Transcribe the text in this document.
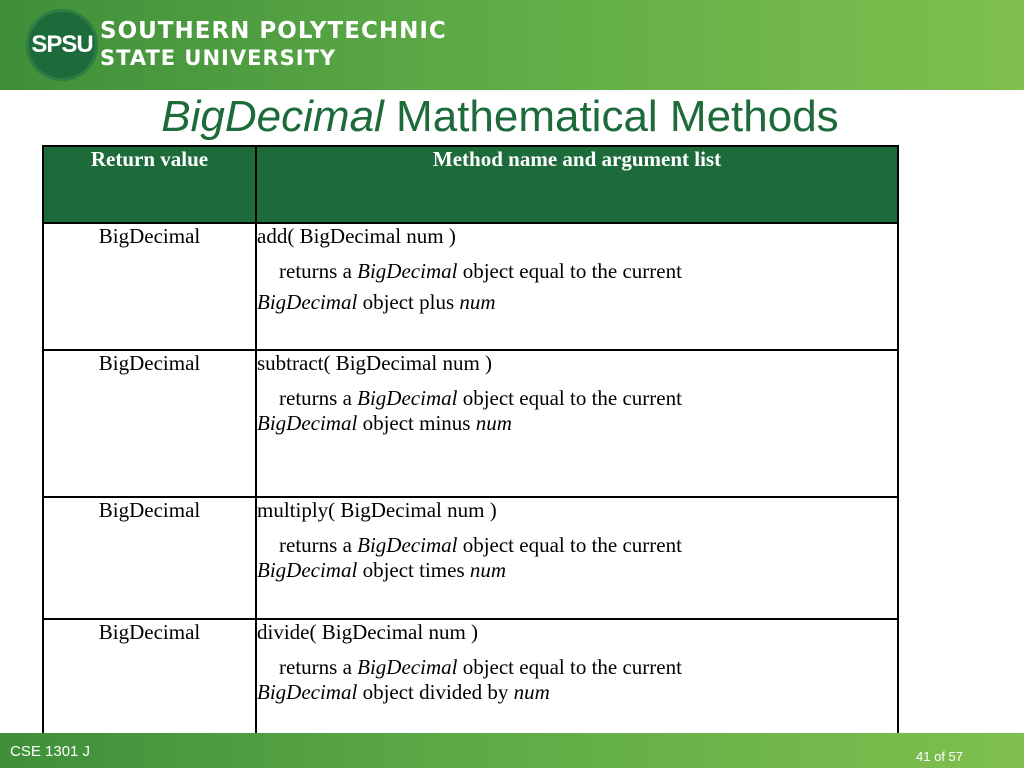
SPSU SOUTHERN POLYTECHNIC
STATE UNIVERSITY
BigDecimal Mathematical Methods
Return value	Method name and argument list
BigDecimal	add( BigDecimal num )
returns a BigDecimal object equal to the current
BigDecimal object plus num

BigDecimal	subtract( BigDecimal num )
returns a BigDecimal object equal to the current
BigDecimal object minus num

BigDecimal	multiply( BigDecimal num )
returns a BigDecimal object equal to the current
BigDecimal object times num

BigDecimal	divide( BigDecimal num )
returns a BigDecimal object equal to the current
BigDecimal object divided by num
CSE 1301 J	41 of 57
